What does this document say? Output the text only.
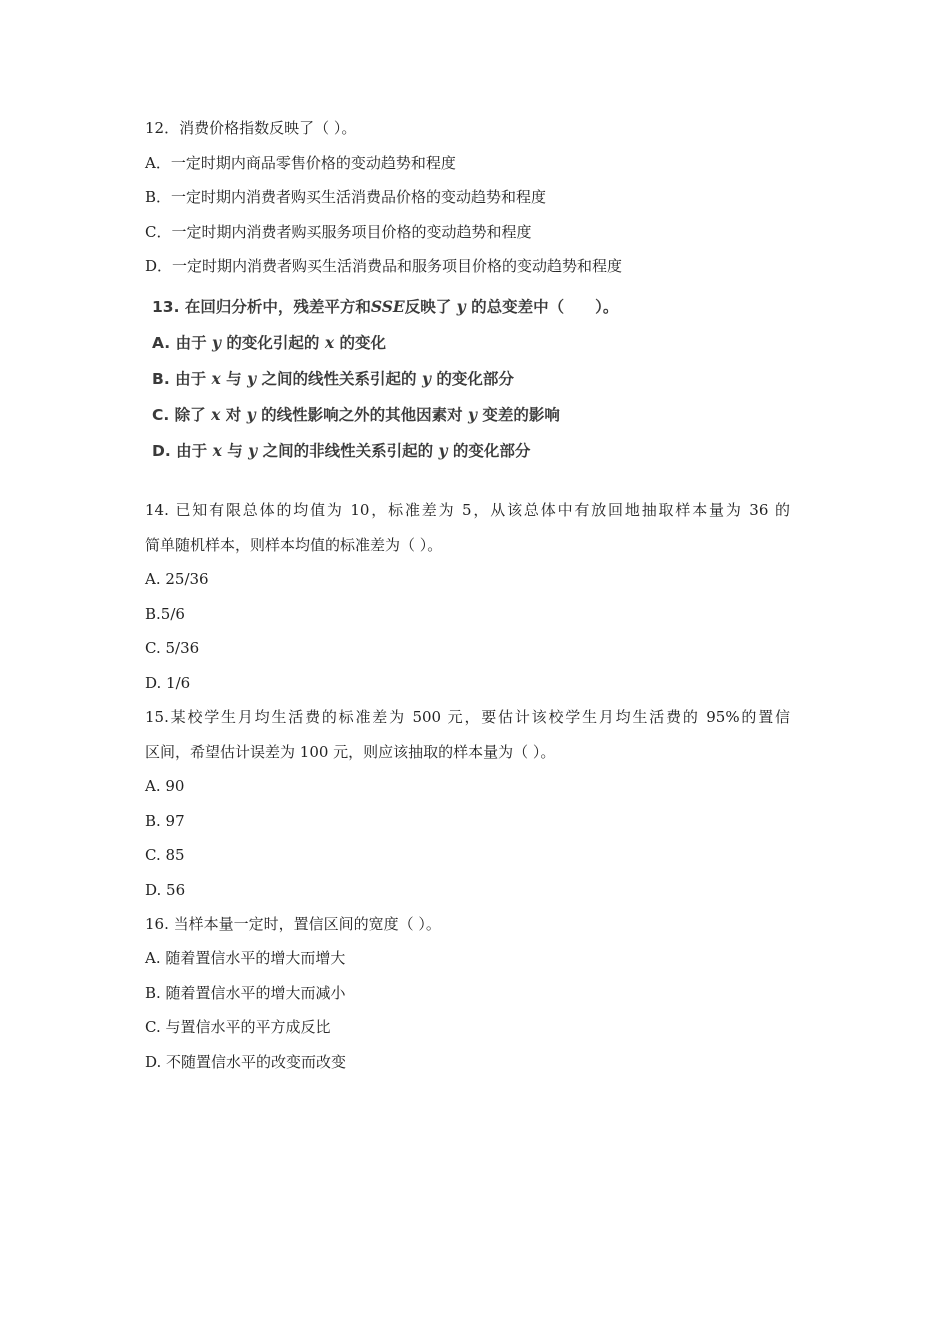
12．消费价格指数反映了（ ）。
A．一定时期内商品零售价格的变动趋势和程度
B．一定时期内消费者购买生活消费品价格的变动趋势和程度
C．一定时期内消费者购买服务项目价格的变动趋势和程度
D．一定时期内消费者购买生活消费品和服务项目价格的变动趋势和程度
13. 在回归分析中，残差平方和SSE反映了 y 的总变差中（　　）。
A. 由于 y 的变化引起的 x 的变化
B. 由于 x 与 y 之间的线性关系引起的 y 的变化部分
C. 除了 x 对 y 的线性影响之外的其他因素对 y 变差的影响
D. 由于 x 与 y 之间的非线性关系引起的 y 的变化部分
14. 已知有限总体的均值为 10，标准差为 5，从该总体中有放回地抽取样本量为 36 的
简单随机样本，则样本均值的标准差为（ ）。
A. 25/36
B.5/6
C. 5/36
D. 1/6
15.某校学生月均生活费的标准差为 500 元，要估计该校学生月均生活费的 95%的置信
区间，希望估计误差为 100 元，则应该抽取的样本量为（ ）。
A. 90
B. 97
C. 85
D. 56
16. 当样本量一定时，置信区间的宽度（ ）。
A. 随着置信水平的增大而增大
B. 随着置信水平的增大而减小
C. 与置信水平的平方成反比
D. 不随置信水平的改变而改变
